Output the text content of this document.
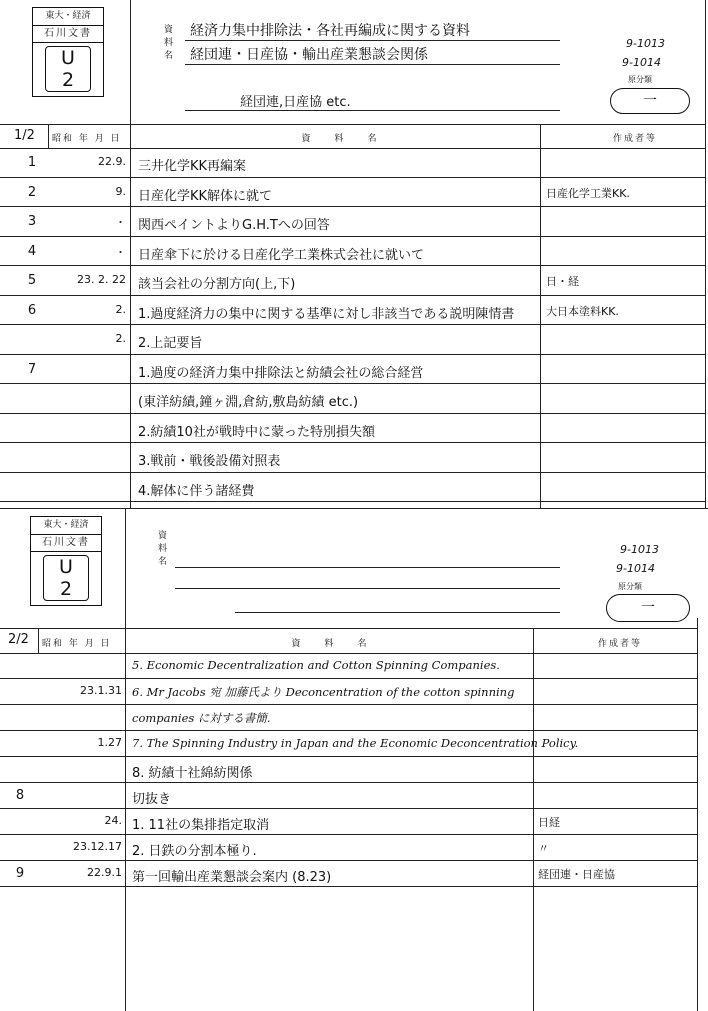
東大・経済
石川文書
U
2
資
料
名
経済力集中排除法・各社再編成に関する資料
経団連・日産協・輸出産業懇談会関係
経団連,日産協 etc.
9-1013
9-1014
原分類
一
1/2 昭和 年 月 日	資　　料　　名	作成者等
1	22.9. 三井化学KK再編案
2	9. 日産化学KK解体に就て	日産化学工業KK.
3	・ 関西ペイントよりG.H.Tへの回答
4	・ 日産傘下に於ける日産化学工業株式会社に就いて
5	23. 2. 22 該当会社の分割方向(上,下)	日・経
6	2. 1.過度経済力の集中に関する基準に対し非該当である説明陳情書	大日本塗料KK.
2. 2.上記要旨
7	1.過度の経済力集中排除法と紡績会社の総合経営
(東洋紡績,鐘ヶ淵,倉紡,敷島紡績 etc.)
2.紡績10社が戦時中に蒙った特別損失額
3.戦前・戦後設備対照表
4.解体に伴う諸経費
東大・経済
石川文書
U
2
資
料
名
9-1013
9-1014
原分類
一
2/2 昭和 年 月 日	資　　料　　名	作成者等
5. Economic Decentralization and Cotton Spinning Companies.
23.1.31 6. Mr Jacobs 宛 加藤氏より Deconcentration of the cotton spinning
companies に対する書簡.
1.27 7. The Spinning Industry in Japan and the Economic Deconcentration Policy.
8. 紡績十社綿紡関係
8	切抜き
24. 1. 11社の集排指定取消	日経
23.12.17 2. 日鉄の分割本極り.	〃
9	22.9.1 第一回輸出産業懇談会案内 (8.23)	経団連・日産協
